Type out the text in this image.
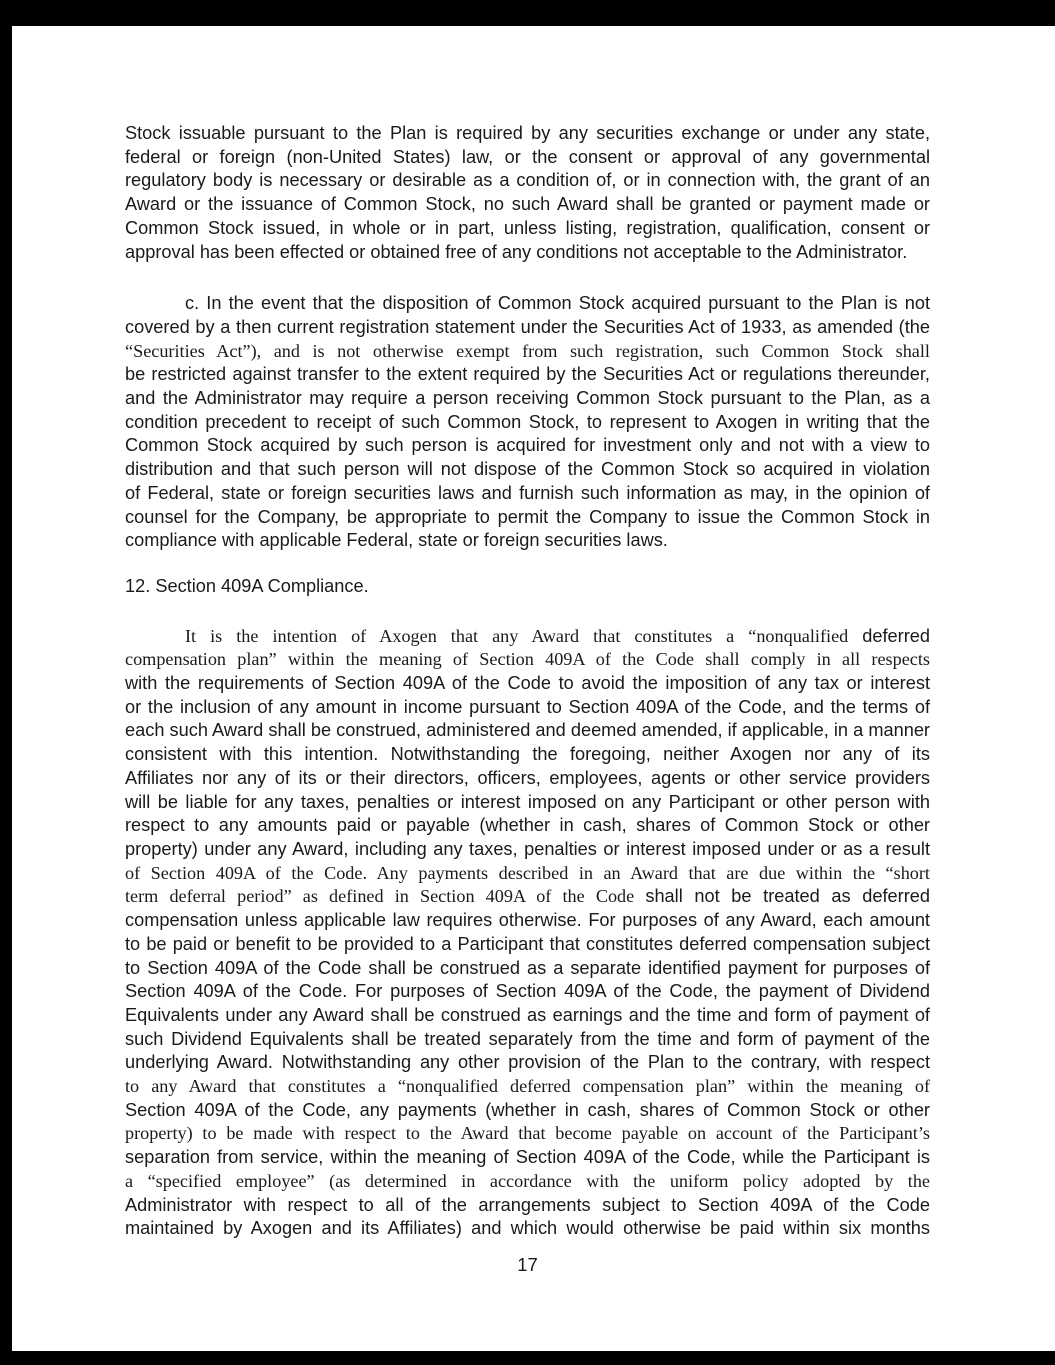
Stock issuable pursuant to the Plan is required by any securities exchange or under any state,
federal or foreign (non-United States) law, or the consent or approval of any governmental
regulatory body is necessary or desirable as a condition of, or in connection with, the grant of an
Award or the issuance of Common Stock, no such Award shall be granted or payment made or
Common Stock issued, in whole or in part, unless listing, registration, qualification, consent or
approval has been effected or obtained free of any conditions not acceptable to the Administrator.
c. In the event that the disposition of Common Stock acquired pursuant to the Plan is not
covered by a then current registration statement under the Securities Act of 1933, as amended (the
“Securities Act”), and is not otherwise exempt from such registration, such Common Stock shall
be restricted against transfer to the extent required by the Securities Act or regulations thereunder,
and the Administrator may require a person receiving Common Stock pursuant to the Plan, as a
condition precedent to receipt of such Common Stock, to represent to Axogen in writing that the
Common Stock acquired by such person is acquired for investment only and not with a view to
distribution and that such person will not dispose of the Common Stock so acquired in violation
of Federal, state or foreign securities laws and furnish such information as may, in the opinion of
counsel for the Company, be appropriate to permit the Company to issue the Common Stock in
compliance with applicable Federal, state or foreign securities laws.
12. Section 409A Compliance.
It is the intention of Axogen that any Award that constitutes a “nonqualified deferred
compensation plan” within the meaning of Section 409A of the Code shall comply in all respects
with the requirements of Section 409A of the Code to avoid the imposition of any tax or interest
or the inclusion of any amount in income pursuant to Section 409A of the Code, and the terms of
each such Award shall be construed, administered and deemed amended, if applicable, in a manner
consistent with this intention. Notwithstanding the foregoing, neither Axogen nor any of its
Affiliates nor any of its or their directors, officers, employees, agents or other service providers
will be liable for any taxes, penalties or interest imposed on any Participant or other person with
respect to any amounts paid or payable (whether in cash, shares of Common Stock or other
property) under any Award, including any taxes, penalties or interest imposed under or as a result
of Section 409A of the Code. Any payments described in an Award that are due within the “short
term deferral period” as defined in Section 409A of the Code shall not be treated as deferred
compensation unless applicable law requires otherwise. For purposes of any Award, each amount
to be paid or benefit to be provided to a Participant that constitutes deferred compensation subject
to Section 409A of the Code shall be construed as a separate identified payment for purposes of
Section 409A of the Code. For purposes of Section 409A of the Code, the payment of Dividend
Equivalents under any Award shall be construed as earnings and the time and form of payment of
such Dividend Equivalents shall be treated separately from the time and form of payment of the
underlying Award. Notwithstanding any other provision of the Plan to the contrary, with respect
to any Award that constitutes a “nonqualified deferred compensation plan” within the meaning of
Section 409A of the Code, any payments (whether in cash, shares of Common Stock or other
property) to be made with respect to the Award that become payable on account of the Participant’s
separation from service, within the meaning of Section 409A of the Code, while the Participant is
a “specified employee” (as determined in accordance with the uniform policy adopted by the
Administrator with respect to all of the arrangements subject to Section 409A of the Code
maintained by Axogen and its Affiliates) and which would otherwise be paid within six months
17
